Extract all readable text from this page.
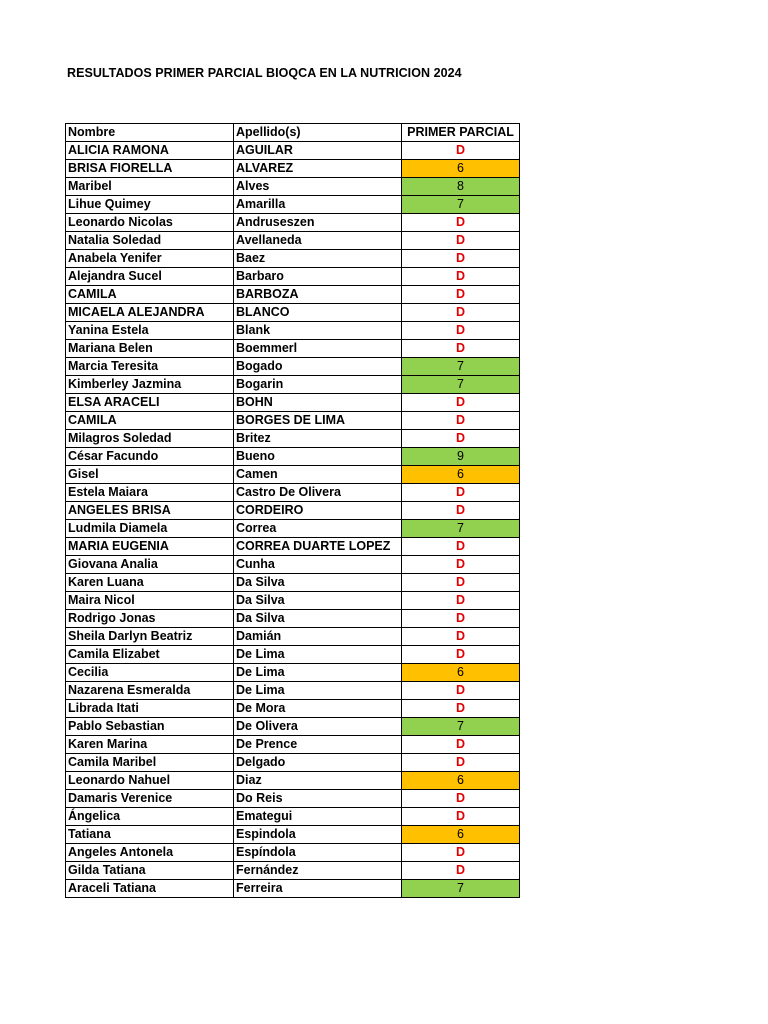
RESULTADOS PRIMER PARCIAL BIOQCA EN LA NUTRICION 2024
Nombre	Apellido(s)	PRIMER PARCIAL
ALICIA RAMONA	AGUILAR	D
BRISA FIORELLA	ALVAREZ	6
Maribel	Alves	8
Lihue Quimey	Amarilla	7
Leonardo Nicolas	Andruseszen	D
Natalia Soledad	Avellaneda	D
Anabela Yenifer	Baez	D
Alejandra Sucel	Barbaro	D
CAMILA	BARBOZA	D
MICAELA ALEJANDRA	BLANCO	D
Yanina Estela	Blank	D
Mariana Belen	Boemmerl	D
Marcia Teresita	Bogado	7
Kimberley Jazmina	Bogarin	7
ELSA ARACELI	BOHN	D
CAMILA	BORGES DE LIMA	D
Milagros Soledad	Britez	D
César Facundo	Bueno	9
Gisel	Camen	6
Estela Maiara	Castro De Olivera	D
ANGELES BRISA	CORDEIRO	D
Ludmila Diamela	Correa	7
MARIA EUGENIA	CORREA DUARTE LOPEZ	D
Giovana Analia	Cunha	D
Karen Luana	Da Silva	D
Maira Nicol	Da Silva	D
Rodrigo Jonas	Da Silva	D
Sheila Darlyn Beatriz	Damián	D
Camila Elizabet	De Lima	D
Cecilia	De Lima	6
Nazarena Esmeralda	De Lima	D
Librada Itati	De Mora	D
Pablo Sebastian	De Olivera	7
Karen Marina	De Prence	D
Camila Maribel	Delgado	D
Leonardo Nahuel	Diaz	6
Damaris Verenice	Do Reis	D
Ángelica	Emategui	D
Tatiana	Espindola	6
Angeles Antonela	Espíndola	D
Gilda Tatiana	Fernández	D
Araceli Tatiana	Ferreira	7
